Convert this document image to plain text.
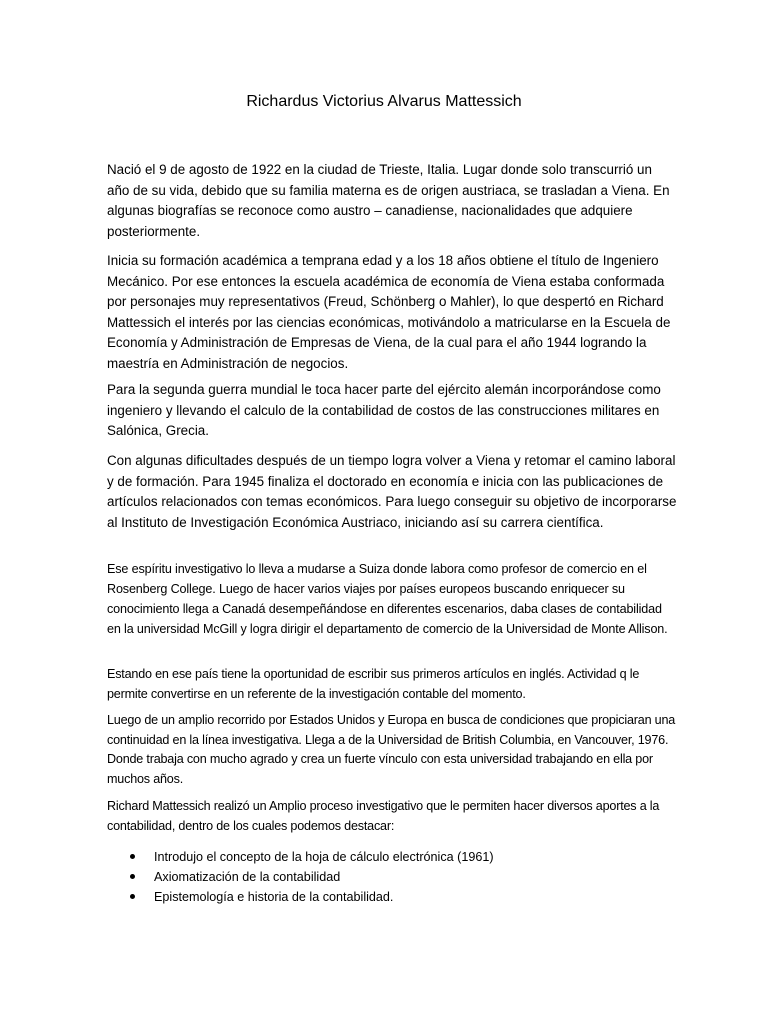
Richardus Victorius Alvarus Mattessich

Nació el 9 de agosto de 1922 en la ciudad de Trieste, Italia. Lugar donde solo transcurrió un año de su vida, debido que su familia materna es de origen austriaca, se trasladan a Viena. En algunas biografías se reconoce como austro – canadiense, nacionalidades que adquiere posteriormente.

Inicia su formación académica a temprana edad y a los 18 años obtiene el título de Ingeniero Mecánico. Por ese entonces la escuela académica de economía de Viena estaba conformada por personajes muy representativos (Freud, Schönberg o Mahler), lo que despertó en Richard Mattessich el interés por las ciencias económicas, motivándolo a matricularse en la Escuela de Economía y Administración de Empresas de Viena, de la cual para el año 1944 logrando la maestría en Administración de negocios.

Para la segunda guerra mundial le toca hacer parte del ejército alemán incorporándose como ingeniero y llevando el calculo de la contabilidad de costos de las construcciones militares en Salónica, Grecia.

Con algunas dificultades después de un tiempo logra volver a Viena y retomar el camino laboral y de formación. Para 1945 finaliza el doctorado en economía e inicia con las publicaciones de artículos relacionados con temas económicos. Para luego conseguir su objetivo de incorporarse al Instituto de Investigación Económica Austriaco, iniciando así su carrera científica.

Ese espíritu investigativo lo lleva a mudarse a Suiza donde labora como profesor de comercio en el Rosenberg College. Luego de hacer varios viajes por países europeos buscando enriquecer su conocimiento llega a Canadá desempeñándose en diferentes escenarios, daba clases de contabilidad en la universidad McGill y logra dirigir el departamento de comercio de la Universidad de Monte Allison.

Estando en ese país tiene la oportunidad de escribir sus primeros artículos en inglés. Actividad q le permite convertirse en un referente de la investigación contable del momento.

Luego de un amplio recorrido por Estados Unidos y Europa en busca de condiciones que propiciaran una continuidad en la línea investigativa. Llega a de la Universidad de British Columbia, en Vancouver, 1976. Donde trabaja con mucho agrado y crea un fuerte vínculo con esta universidad trabajando en ella por muchos años.

Richard Mattessich realizó un Amplio proceso investigativo que le permiten hacer diversos aportes a la contabilidad, dentro de los cuales podemos destacar:

Introdujo el concepto de la hoja de cálculo electrónica (1961)
Axiomatización de la contabilidad
Epistemología e historia de la contabilidad.
